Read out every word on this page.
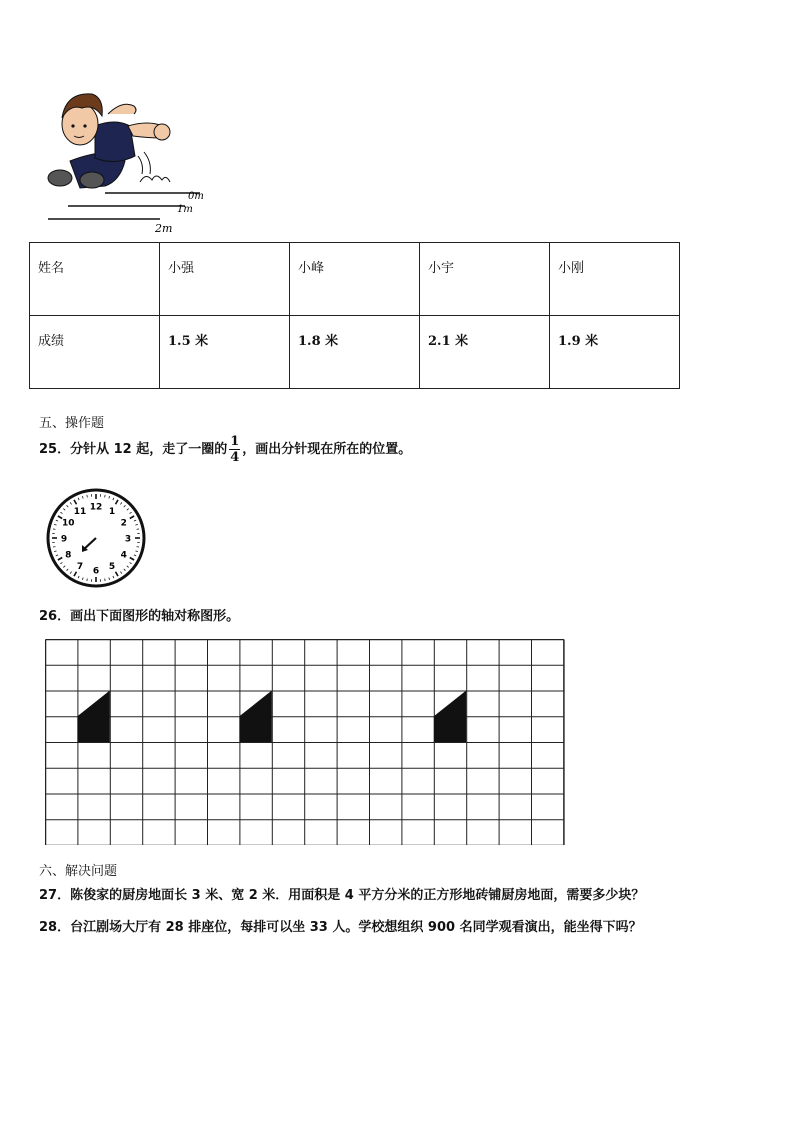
0m
1m
2m
姓名	小强	小峰	小宇	小刚
成绩	1.5 米	1.8 米	2.1 米	1.9 米
五、操作题
25．分针从 12 起，走了一圈的 $\frac{1}{4}$ ，画出分针现在所在的位置。
12 1
2
3
4
5
6
7
8
9
10
11
26．画出下面图形的轴对称图形。
六、解决问题
27．陈俊家的厨房地面长 3 米、宽 2 米．用面积是 4 平方分米的正方形地砖铺厨房地面，需要多少块？
28．台江剧场大厅有 28 排座位，每排可以坐 33 人。学校想组织 900 名同学观看演出，能坐得下吗？
